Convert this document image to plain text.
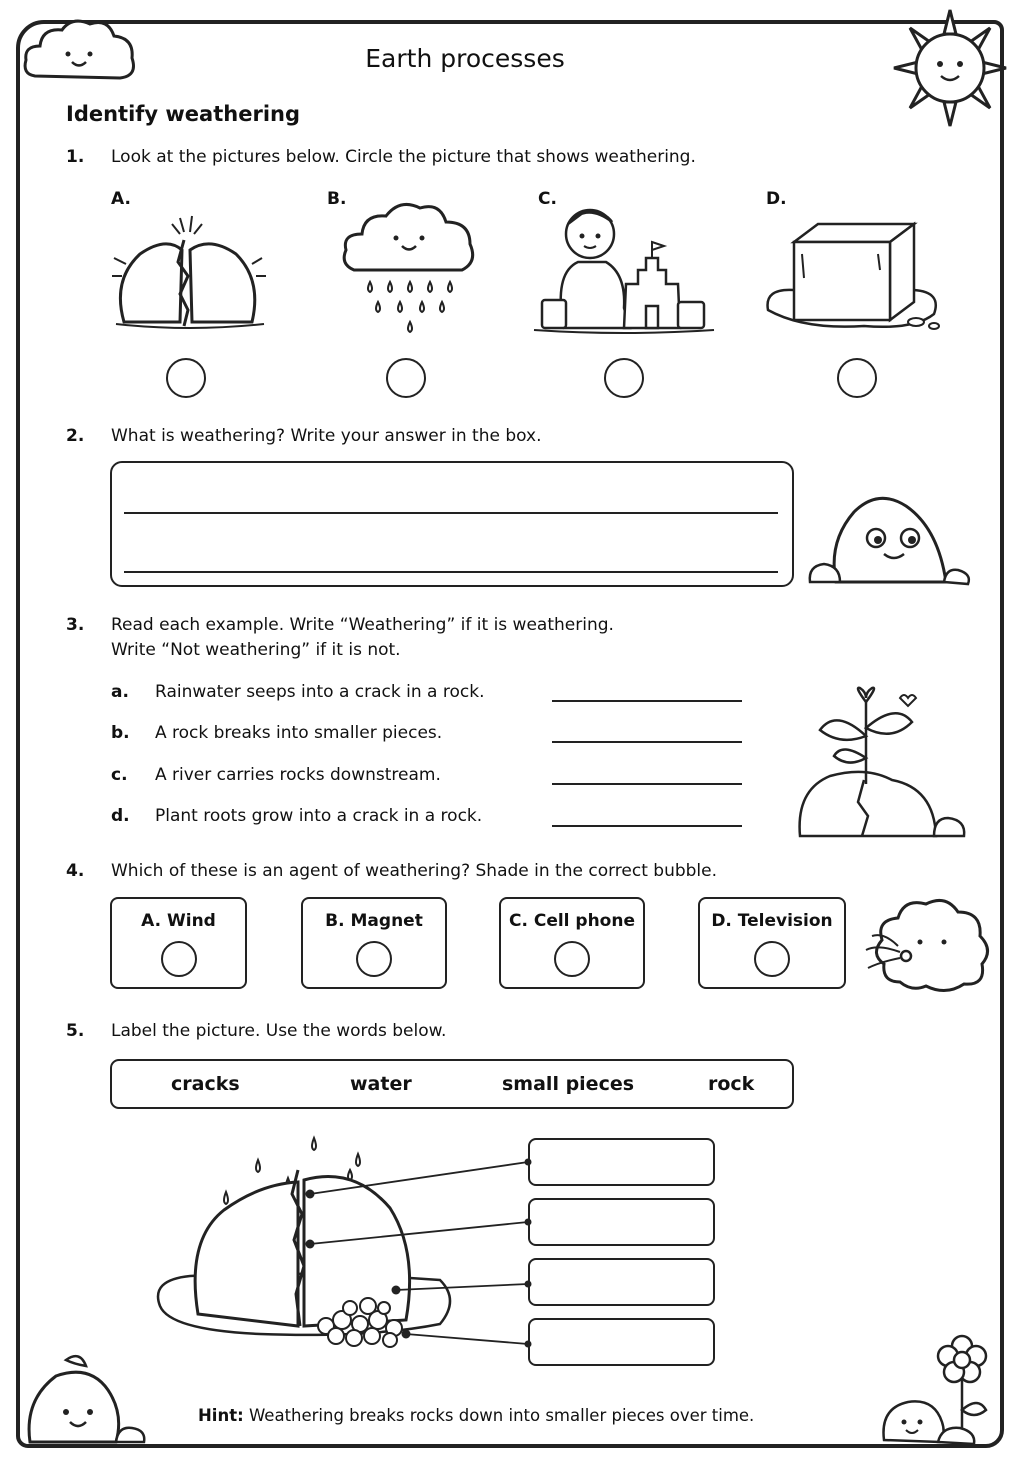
Earth processes
Identify weathering
1. Look at the pictures below. Circle the picture that shows weathering.
A.	B.	C.	D.
2. What is weathering? Write your answer in the box.
3. Read each example. Write “Weathering” if it is weathering.
Write “Not weathering” if it is not.
a. Rainwater seeps into a crack in a rock.
b. A rock breaks into smaller pieces.
c. A river carries rocks downstream.
d. Plant roots grow into a crack in a rock.
4. Which of these is an agent of weathering? Shade in the correct bubble.
A. Wind	B. Magnet	C. Cell phone	D. Television
5. Label the picture. Use the words below.
cracks	water	small pieces	rock
Hint: Weathering breaks rocks down into smaller pieces over time.
